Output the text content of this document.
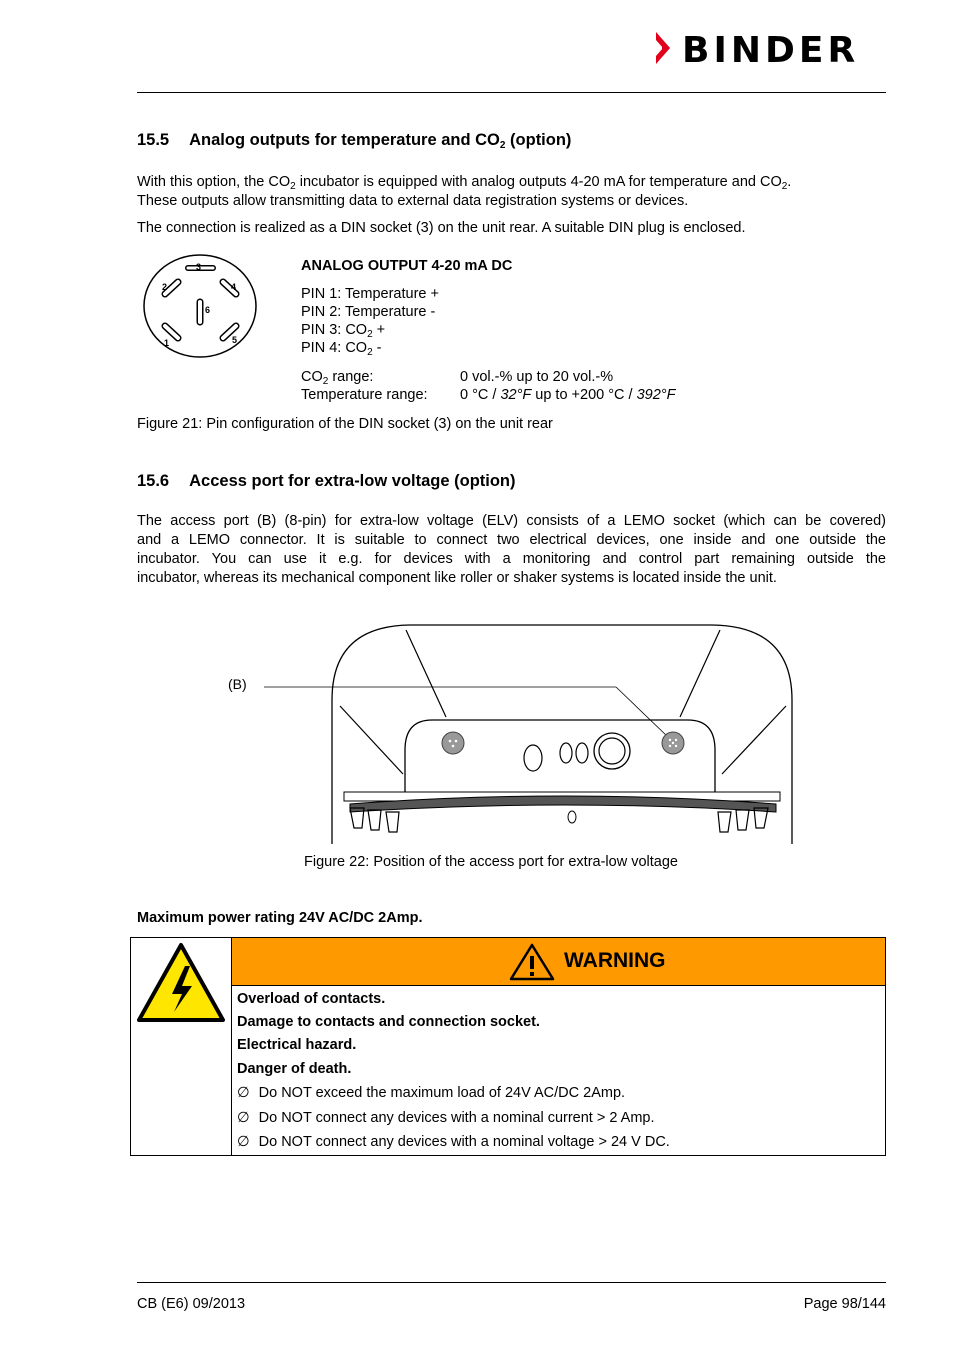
BINDER
15.5 Analog outputs for temperature and $CO_2$ (option)
With this option, the $CO_2$ incubator is equipped with analog outputs 4-20 mA for temperature and $CO_2$.
These outputs allow transmitting data to external data registration systems or devices.
The connection is realized as a DIN socket (3) on the unit rear. A suitable DIN plug is enclosed.
1
2
3
4
5
6
ANALOG OUTPUT 4-20 mA DC
PIN 1: Temperature +
PIN 2: Temperature -
PIN 3: $CO_2$ +
PIN 4: $CO_2$ -
$CO_2$ range:
Temperature range:
0 vol.-% up to 20 vol.-%
0 °C / 32°F up to +200 °C / 392°F
Figure 21: Pin configuration of the DIN socket (3) on the unit rear
15.6 Access port for extra-low voltage (option)
The access port (B) (8-pin) for extra-low voltage (ELV) consists of a LEMO socket (which can be covered)
and a LEMO connector. It is suitable to connect two electrical devices, one inside and one outside the
incubator. You can use it e.g. for devices with a monitoring and control part remaining outside the
incubator, whereas its mechanical component like roller or shaker systems is located inside the unit.
(B)
Figure 22: Position of the access port for extra-low voltage
Maximum power rating 24V AC/DC 2Amp.
WARNING
Overload of contacts.
Damage to contacts and connection socket.
Electrical hazard.
Danger of death.
∅ Do NOT exceed the maximum load of 24V AC/DC 2Amp.
∅ Do NOT connect any devices with a nominal current > 2 Amp.
∅ Do NOT connect any devices with a nominal voltage > 24 V DC.
CB (E6) 09/2013	Page 98/144
